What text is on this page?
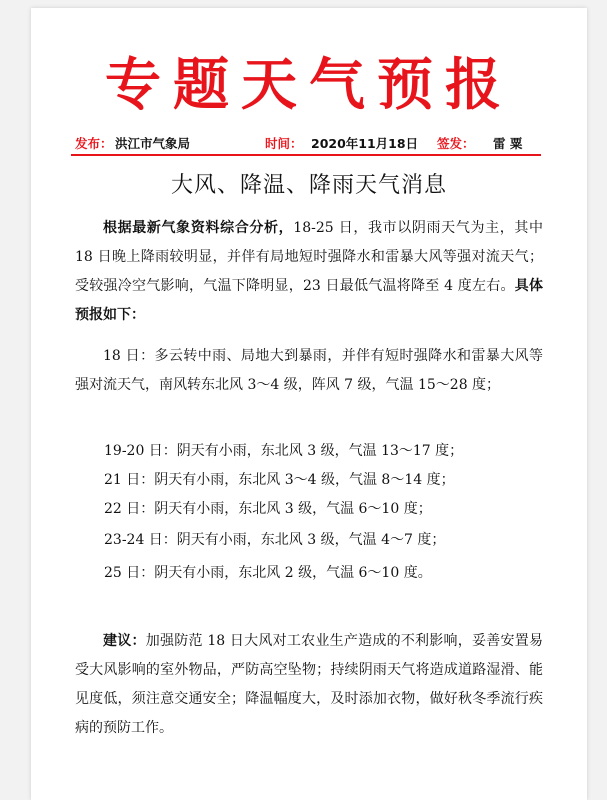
专题天气预报
发布： 洪江市气象局	时间： 2020年11月18日 签发： 雷 粟
大风、降温、降雨天气消息
根据最新气象资料综合分析，18-25 日，我市以阴雨天气为主，其中 18 日晚上降雨较明显，并伴有局地短时强降水和雷暴大风等强对流天气；受较强冷空气影响，气温下降明显，23 日最低气温将降至 4 度左右。具体预报如下：
18 日：多云转中雨、局地大到暴雨，并伴有短时强降水和雷暴大风等强对流天气，南风转东北风 3～4 级，阵风 7 级，气温 15～28 度；
19-20 日：阴天有小雨，东北风 3 级，气温 13～17 度；
21 日：阴天有小雨，东北风 3～4 级，气温 8～14 度；
22 日：阴天有小雨，东北风 3 级，气温 6～10 度；
23-24 日：阴天有小雨，东北风 3 级，气温 4～7 度；
25 日：阴天有小雨，东北风 2 级，气温 6～10 度。
建议：加强防范 18 日大风对工农业生产造成的不利影响，妥善安置易受大风影响的室外物品，严防高空坠物；持续阴雨天气将造成道路湿滑、能见度低，须注意交通安全；降温幅度大，及时添加衣物，做好秋冬季流行疾病的预防工作。
